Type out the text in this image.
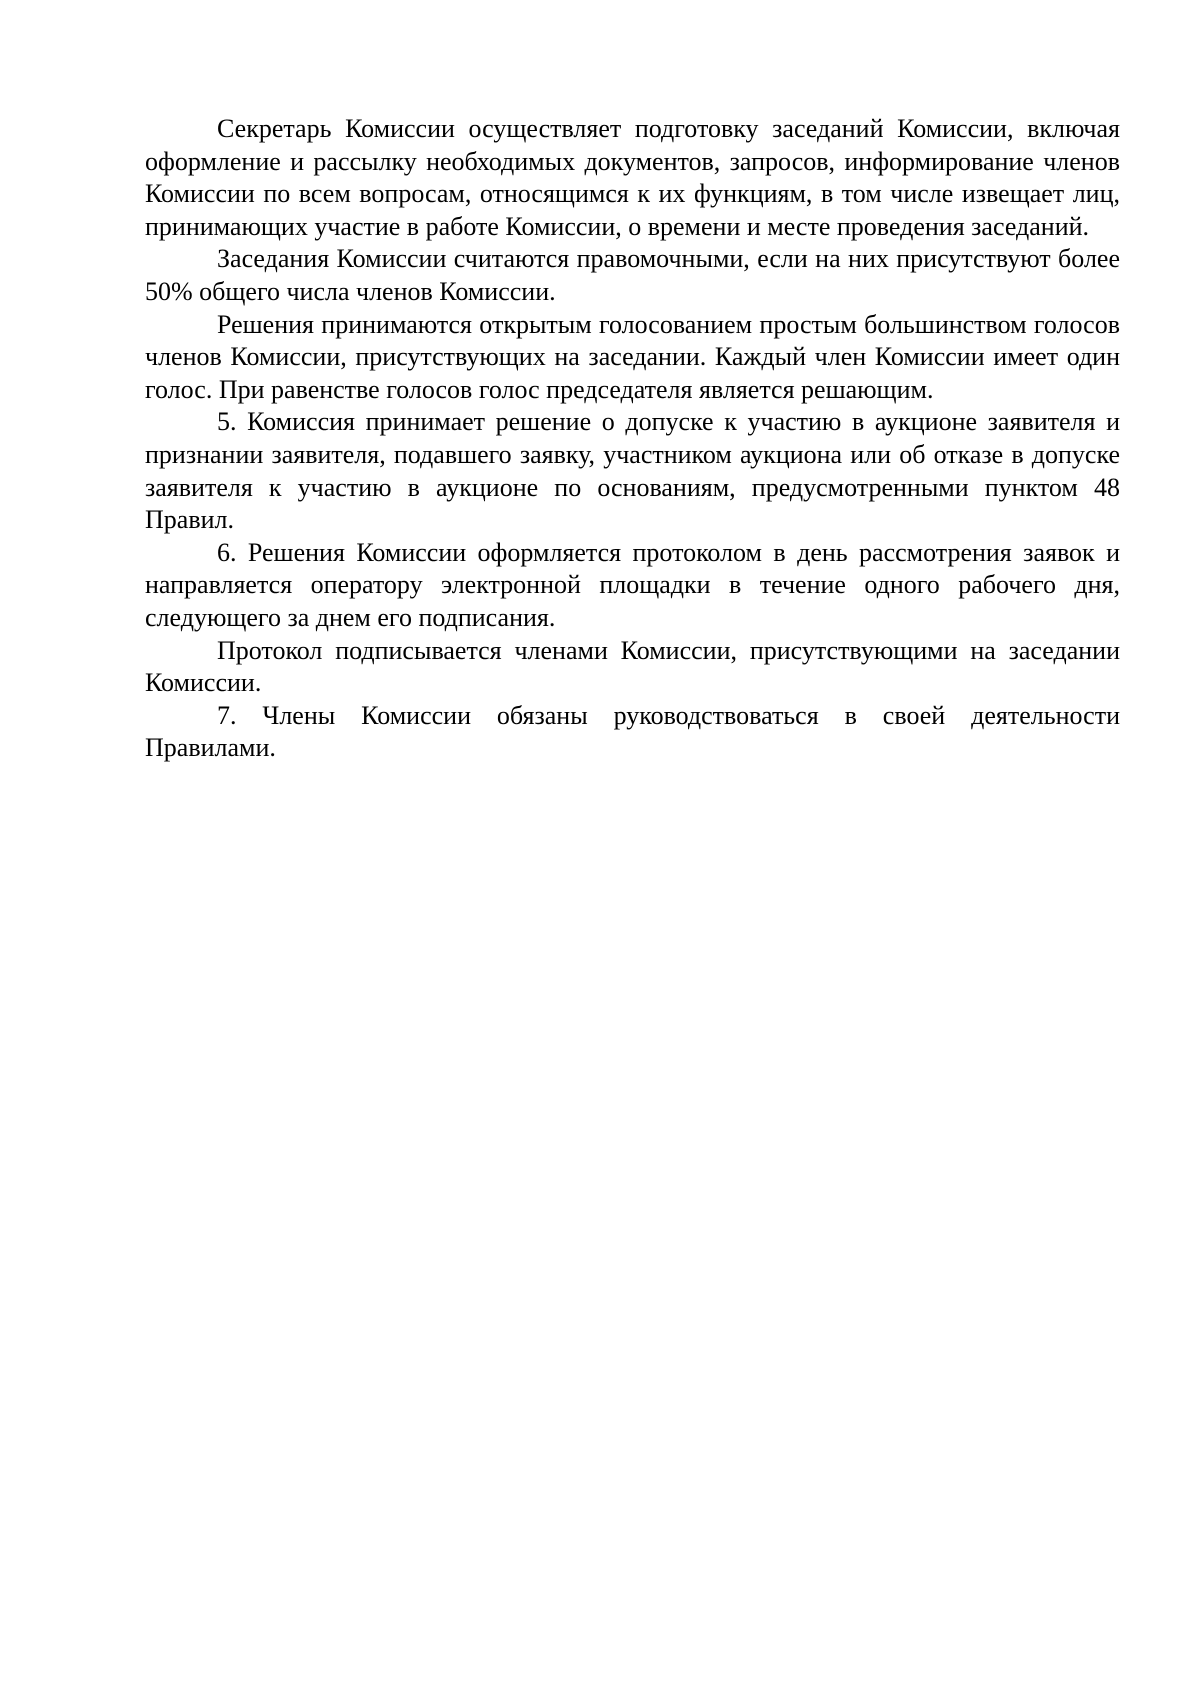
Секретарь Комиссии осуществляет подготовку заседаний Комиссии, включая оформление и рассылку необходимых документов, запросов, информирование членов Комиссии по всем вопросам, относящимся к их функциям, в том числе извещает лиц, принимающих участие в работе Комиссии, о времени и месте проведения заседаний.

Заседания Комиссии считаются правомочными, если на них присутствуют более 50% общего числа членов Комиссии.

Решения принимаются открытым голосованием простым большинством голосов членов Комиссии, присутствующих на заседании. Каждый член Комиссии имеет один голос. При равенстве голосов голос председателя является решающим.

5. Комиссия принимает решение о допуске к участию в аукционе заявителя и признании заявителя, подавшего заявку, участником аукциона или об отказе в допуске заявителя к участию в аукционе по основаниям, предусмотренными пунктом 48 Правил.

6. Решения Комиссии оформляется протоколом в день рассмотрения заявок и направляется оператору электронной площадки в течение одного рабочего дня, следующего за днем его подписания.

Протокол подписывается членами Комиссии, присутствующими на заседании Комиссии.

7. Члены Комиссии обязаны руководствоваться в своей деятельности Правилами.
